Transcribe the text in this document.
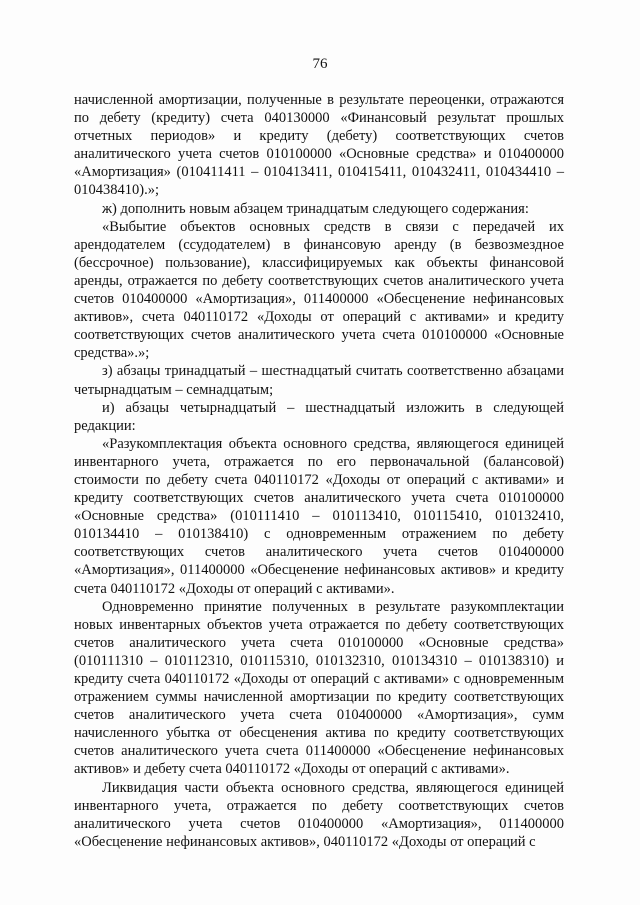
76

начисленной амортизации, полученные в результате переоценки, отражаются по дебету (кредиту) счета 040130000 «Финансовый результат прошлых отчетных периодов» и кредиту (дебету) соответствующих счетов аналитического учета счетов 010100000 «Основные средства» и 010400000 «Амортизация» (010411411 – 010413411, 010415411, 010432411, 010434410 – 010438410).»;

ж) дополнить новым абзацем тринадцатым следующего содержания:

«Выбытие объектов основных средств в связи с передачей их арендодателем (ссудодателем) в финансовую аренду (в безвозмездное (бессрочное) пользование), классифицируемых как объекты финансовой аренды, отражается по дебету соответствующих счетов аналитического учета счетов 010400000 «Амортизация», 011400000 «Обесценение нефинансовых активов», счета 040110172 «Доходы от операций с активами» и кредиту соответствующих счетов аналитического учета счета 010100000 «Основные средства».»;

з) абзацы тринадцатый – шестнадцатый считать соответственно абзацами четырнадцатым – семнадцатым;

и) абзацы четырнадцатый – шестнадцатый изложить в следующей редакции:

«Разукомплектация объекта основного средства, являющегося единицей инвентарного учета, отражается по его первоначальной (балансовой) стоимости по дебету счета 040110172 «Доходы от операций с активами» и кредиту соответствующих счетов аналитического учета счета 010100000 «Основные средства» (010111410 – 010113410, 010115410, 010132410, 010134410 – 010138410) с одновременным отражением по дебету соответствующих счетов аналитического учета счетов 010400000 «Амортизация», 011400000 «Обесценение нефинансовых активов» и кредиту счета 040110172 «Доходы от операций с активами».

Одновременно принятие полученных в результате разукомплектации новых инвентарных объектов учета отражается по дебету соответствующих счетов аналитического учета счета 010100000 «Основные средства» (010111310 – 010112310, 010115310, 010132310, 010134310 – 010138310) и кредиту счета 040110172 «Доходы от операций с активами» с одновременным отражением суммы начисленной амортизации по кредиту соответствующих счетов аналитического учета счета 010400000 «Амортизация», сумм начисленного убытка от обесценения актива по кредиту соответствующих счетов аналитического учета счета 011400000 «Обесценение нефинансовых активов» и дебету счета 040110172 «Доходы от операций с активами».

Ликвидация части объекта основного средства, являющегося единицей инвентарного учета, отражается по дебету соответствующих счетов аналитического учета счетов 010400000 «Амортизация», 011400000 «Обесценение нефинансовых активов», 040110172 «Доходы от операций с
